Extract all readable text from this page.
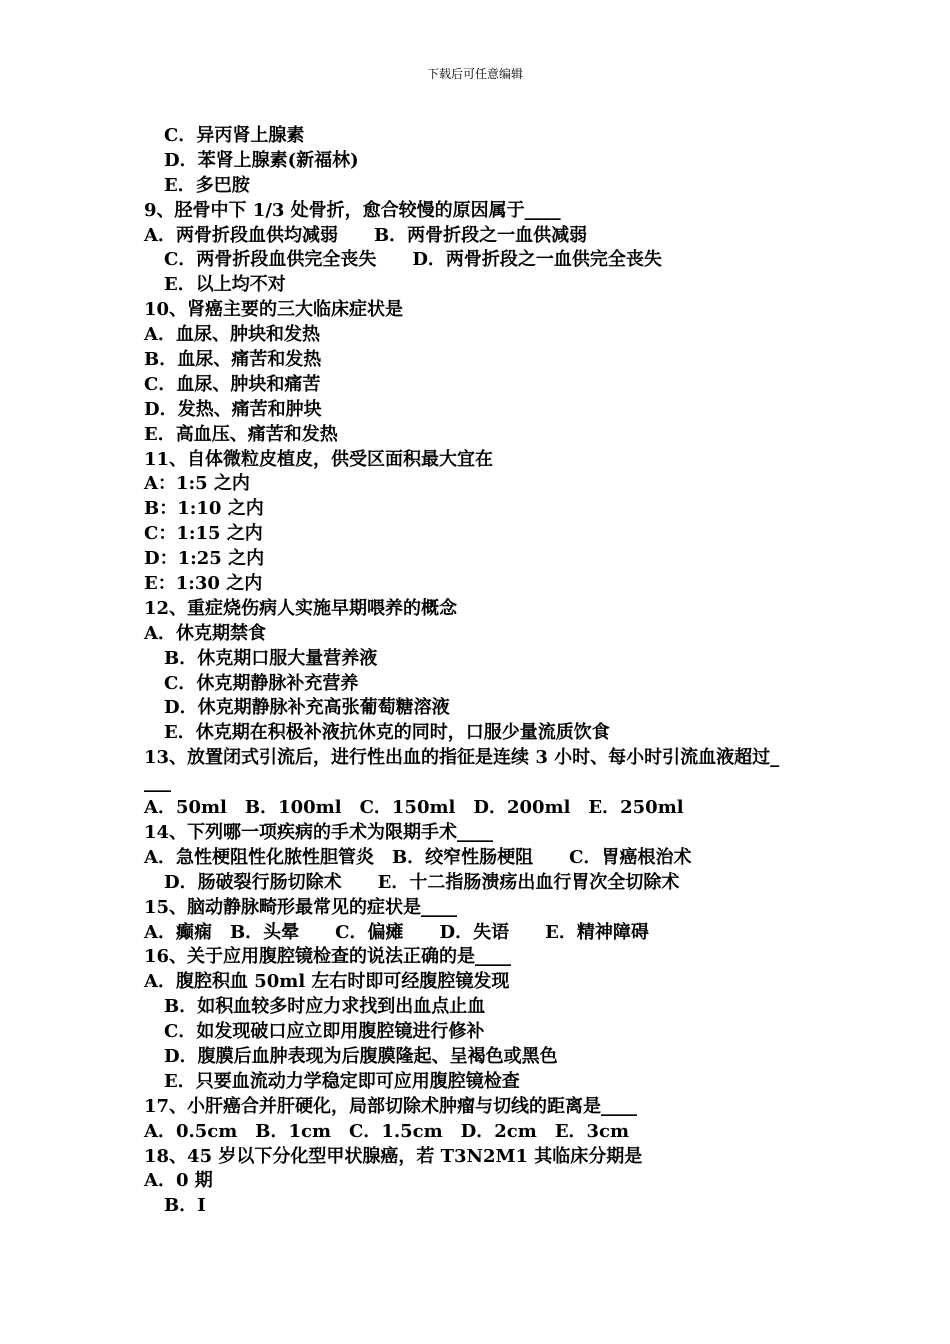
下载后可任意编辑
C．异丙肾上腺素
D．苯肾上腺素(新福林)
E．多巴胺
9、胫骨中下 1/3 处骨折，愈合较慢的原因属于____
A．两骨折段血供均减弱　　B．两骨折段之一血供减弱
C．两骨折段血供完全丧失　　D．两骨折段之一血供完全丧失
E．以上均不对
10、肾癌主要的三大临床症状是
A．血尿、肿块和发热
B．血尿、痛苦和发热
C．血尿、肿块和痛苦
D．发热、痛苦和肿块
E．高血压、痛苦和发热
11、自体微粒皮植皮，供受区面积最大宜在
A：1:5 之内
B：1:10 之内
C：1:15 之内
D：1:25 之内
E：1:30 之内
12、重症烧伤病人实施早期喂养的概念
A．休克期禁食
B．休克期口服大量营养液
C．休克期静脉补充营养
D．休克期静脉补充高张葡萄糖溶液
E．休克期在积极补液抗休克的同时，口服少量流质饮食
13、放置闭式引流后，进行性出血的指征是连续 3 小时、每小时引流血液超过_
___
A．50ml　B．100ml　C．150ml　D．200ml　E．250ml
14、下列哪一项疾病的手术为限期手术____
A．急性梗阻性化脓性胆管炎　B．绞窄性肠梗阻　　C．胃癌根治术
D．肠破裂行肠切除术　　E．十二指肠溃疡出血行胃次全切除术
15、脑动静脉畸形最常见的症状是____
A．癫痫　B．头晕　　C．偏瘫　　D．失语　　E．精神障碍
16、关于应用腹腔镜检查的说法正确的是____
A．腹腔积血 50ml 左右时即可经腹腔镜发现
B．如积血较多时应力求找到出血点止血
C．如发现破口应立即用腹腔镜进行修补
D．腹膜后血肿表现为后腹膜隆起、呈褐色或黑色
E．只要血流动力学稳定即可应用腹腔镜检查
17、小肝癌合并肝硬化，局部切除术肿瘤与切线的距离是____
A．0.5cm　B．1cm　C．1.5cm　D．2cm　E．3cm
18、45 岁以下分化型甲状腺癌，若 T3N2M1 其临床分期是
A．0 期
B．Ⅰ
